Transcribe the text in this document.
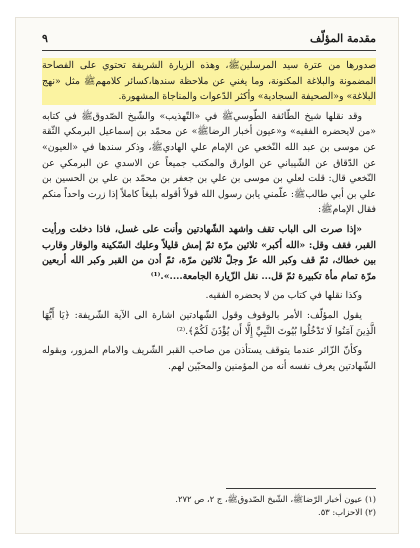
مقدمة المؤلّف
٩

صدورها من عترة سيد المرسلينﷺ، وهذه الزيارة الشريفة تحتوي على الفصاحة المضمونة والبلاغة المكنونة، وما يغني عن ملاحظة سندها،كسائر كلامهمﷺ مثل «نهج البلاغة» و«الصحيفة السجادية» وأكثر الدّعوات والمناجاة المشهورة.

وقد نقلها شيخ الطّائفة الطّوسيﷺ في «التّهذيب» والشّيخ الصّدوقﷺ في كتابه «من لايحضره الفقيه» و«عيون أخبار الرضاﷺ» عن محمّد بن إسماعيل البرمكي الثّقة عن موسى بن عبد الله النّخعي عن الإمام علي الهاديﷺ، وذكر سندها في «العيون» عن الدّقاق عن الشّيباني عن الوارق والمكتب جميعاً عن الاسدي عن البرمكي عن النّخعي قال: قلت لعلي بن موسى بن علي بن جعفر بن محمّد بن علي بن الحسين بن علي بن أبي طالبﷺ: علّمني يابن رسول الله قولاً أقوله بليغاً كاملاً إذا زرت واحداً منكم فقال الإمامﷺ:

«إذا صرت الى الباب تقف واشهد الشّهادتين وأنت على غسل، فاذا دخلت ورأيت القبر، فقف وقل: «الله أكبر» ثلاثين مرّة ثمّ إمش قليلاً وعليك السّكينة والوقار وقارب بين خطاك، ثمّ قف وكبر الله عزّ وجلّ ثلاثين مرّة، ثمّ أدن من القبر وكبر الله أربعين مرّة تمام مأة تكبيرة ثمّ قل... نقل الزّيارة الجامعة....».⁽¹⁾

وكذا نقلها في كتاب من لا يحضره الفقيه.

يقول المؤلّف: الأمر بالوقوف وقول الشّهادتين اشارة الى الآية الشّريفة: ﴿يَا أَيُّهَا الَّذِينَ آمَنُوا لَا تَدْخُلُوا بُيُوتَ النَّبِيِّ إِلَّا أَن يُؤْذَنَ لَكُمْ﴾.⁽²⁾

وكأنّ الزّائر عندما يتوقف يستأذن من صاحب القبر الشّريف والامام المزور، وبقوله الشّهادتين يعرف نفسه أنه من المؤمنين والمحبّين لهم.

(١) عيون أخبار الرّضاﷺ، الشّيخ الصّدوقﷺ، ج ٢، ص ٢٧٢.

(٢) الاحزاب: ٥٣.
